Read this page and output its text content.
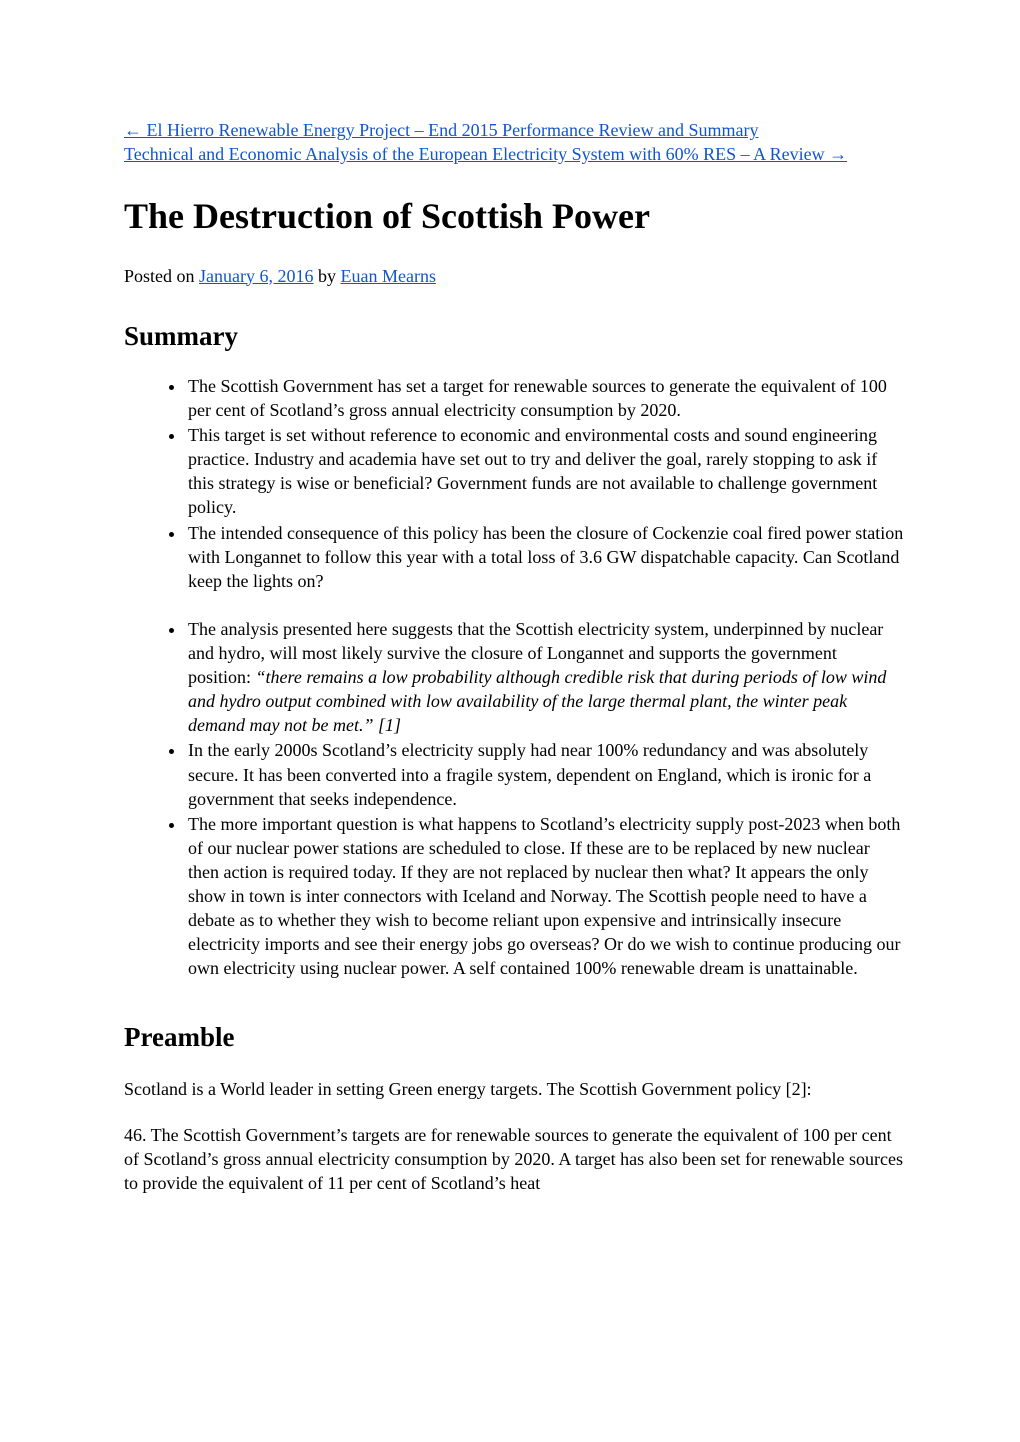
← El Hierro Renewable Energy Project – End 2015 Performance Review and Summary
Technical and Economic Analysis of the European Electricity System with 60% RES – A Review →
The Destruction of Scottish Power

Posted on January 6, 2016 by Euan Mearns

Summary
• The Scottish Government has set a target for renewable sources to generate the equivalent of 100 per cent of Scotland’s gross annual electricity consumption by 2020.
• This target is set without reference to economic and environmental costs and sound engineering practice. Industry and academia have set out to try and deliver the goal, rarely stopping to ask if this strategy is wise or beneficial? Government funds are not available to challenge government policy.
• The intended consequence of this policy has been the closure of Cockenzie coal fired power station with Longannet to follow this year with a total loss of 3.6 GW dispatchable capacity. Can Scotland keep the lights on?
• The analysis presented here suggests that the Scottish electricity system, underpinned by nuclear and hydro, will most likely survive the closure of Longannet and supports the government position: “there remains a low probability although credible risk that during periods of low wind and hydro output combined with low availability of the large thermal plant, the winter peak demand may not be met.” [1]
• In the early 2000s Scotland’s electricity supply had near 100% redundancy and was absolutely secure. It has been converted into a fragile system, dependent on England, which is ironic for a government that seeks independence.
• The more important question is what happens to Scotland’s electricity supply post-2023 when both of our nuclear power stations are scheduled to close. If these are to be replaced by new nuclear then action is required today. If they are not replaced by nuclear then what? It appears the only show in town is inter connectors with Iceland and Norway. The Scottish people need to have a debate as to whether they wish to become reliant upon expensive and intrinsically insecure electricity imports and see their energy jobs go overseas? Or do we wish to continue producing our own electricity using nuclear power. A self contained 100% renewable dream is unattainable.
Preamble

Scotland is a World leader in setting Green energy targets. The Scottish Government policy [2]:

46. The Scottish Government’s targets are for renewable sources to generate the equivalent of 100 per cent of Scotland’s gross annual electricity consumption by 2020. A target has also been set for renewable sources to provide the equivalent of 11 per cent of Scotland’s heat
